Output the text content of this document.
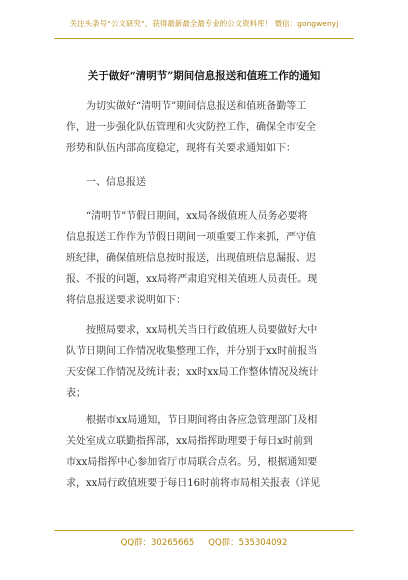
关注头条号“公文研究”，获得最新最全最专业的公文资料库！ 微信：gongwenyj
关于做好“清明节”期间信息报送和值班工作的通知
为切实做好“清明节”期间信息报送和值班备勤等工
作，进一步强化队伍管理和火灾防控工作，确保全市安全
形势和队伍内部高度稳定，现将有关要求通知如下：
一、信息报送
“清明节”节假日期间，xx局各级值班人员务必要将
信息报送工作作为节假日期间一项重要工作来抓，严守值
班纪律，确保值班信息按时报送，出现值班信息漏报、迟
报、不报的问题，xx局将严肃追究相关值班人员责任。现
将信息报送要求说明如下：
按照局要求，xx局机关当日行政值班人员要做好大中
队节日期间工作情况收集整理工作，并分别于xx时前报当
天安保工作情况及统计表；xx时xx局工作整体情况及统计
表；
根据市xx局通知，节日期间将由各应急管理部门及相
关处室成立联勤指挥部，xx局指挥助理要于每日x时前到
市xx局指挥中心参加省厅市局联合点名。另，根据通知要
求，xx局行政值班要于每日16时前将市局相关报表（详见
QQ群：30265665 QQ群：535304092
